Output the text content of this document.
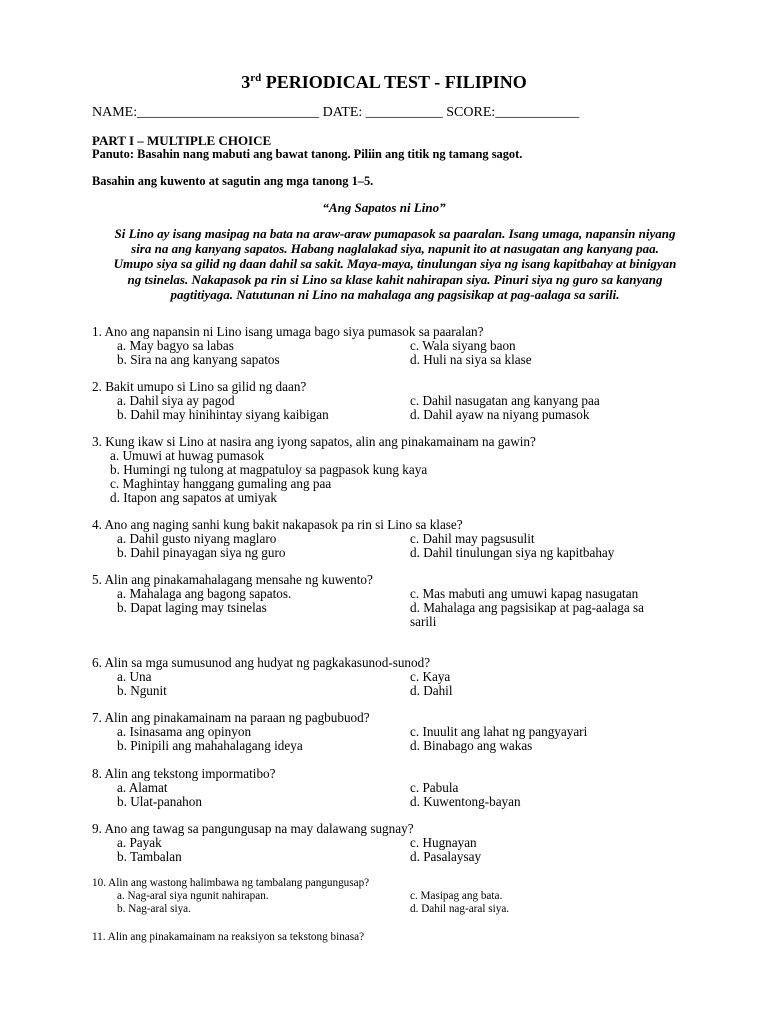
3rd PERIODICAL TEST - FILIPINO
NAME:__________________________ DATE: ___________ SCORE:____________
PART I – MULTIPLE CHOICE
Panuto: Basahin nang mabuti ang bawat tanong. Piliin ang titik ng tamang sagot.
Basahin ang kuwento at sagutin ang mga tanong 1–5.
“Ang Sapatos ni Lino”
Si Lino ay isang masipag na bata na araw-araw pumapasok sa paaralan. Isang umaga, napansin niyang sira na ang kanyang sapatos. Habang naglalakad siya, napunit ito at nasugatan ang kanyang paa. Umupo siya sa gilid ng daan dahil sa sakit. Maya-maya, tinulungan siya ng isang kapitbahay at binigyan ng tsinelas. Nakapasok pa rin si Lino sa klase kahit nahirapan siya. Pinuri siya ng guro sa kanyang pagtitiyaga. Natutunan ni Lino na mahalaga ang pagsisikap at pag-aalaga sa sarili.
1. Ano ang napansin ni Lino isang umaga bago siya pumasok sa paaralan?
a. May bagyo sa labas	c. Wala siyang baon
b. Sira na ang kanyang sapatos	d. Huli na siya sa klase
2. Bakit umupo si Lino sa gilid ng daan?
a. Dahil siya ay pagod	c. Dahil nasugatan ang kanyang paa
b. Dahil may hinihintay siyang kaibigan	d. Dahil ayaw na niyang pumasok
3. Kung ikaw si Lino at nasira ang iyong sapatos, alin ang pinakamainam na gawin?
a. Umuwi at huwag pumasok
b. Humingi ng tulong at magpatuloy sa pagpasok kung kaya
c. Maghintay hanggang gumaling ang paa
d. Itapon ang sapatos at umiyak
4. Ano ang naging sanhi kung bakit nakapasok pa rin si Lino sa klase?
a. Dahil gusto niyang maglaro	c. Dahil may pagsusulit
b. Dahil pinayagan siya ng guro	d. Dahil tinulungan siya ng kapitbahay
5. Alin ang pinakamahalagang mensahe ng kuwento?
a. Mahalaga ang bagong sapatos.	c. Mas mabuti ang umuwi kapag nasugatan
b. Dapat laging may tsinelas	d. Mahalaga ang pagsisikap at pag-aalaga sa sarili
6. Alin sa mga sumusunod ang hudyat ng pagkakasunod-sunod?
a. Una	c. Kaya
b. Ngunit	d. Dahil
7. Alin ang pinakamainam na paraan ng pagbubuod?
a. Isinasama ang opinyon	c. Inuulit ang lahat ng pangyayari
b. Pinipili ang mahahalagang ideya	d. Binabago ang wakas
8. Alin ang tekstong impormatibo?
a. Alamat	c. Pabula
b. Ulat-panahon	d. Kuwentong-bayan
9. Ano ang tawag sa pangungusap na may dalawang sugnay?
a. Payak	c. Hugnayan
b. Tambalan	d. Pasalaysay
10. Alin ang wastong halimbawa ng tambalang pangungusap?
a. Nag-aral siya ngunit nahirapan.	c. Masipag ang bata.
b. Nag-aral siya.	d. Dahil nag-aral siya.
11. Alin ang pinakamainam na reaksiyon sa tekstong binasa?
